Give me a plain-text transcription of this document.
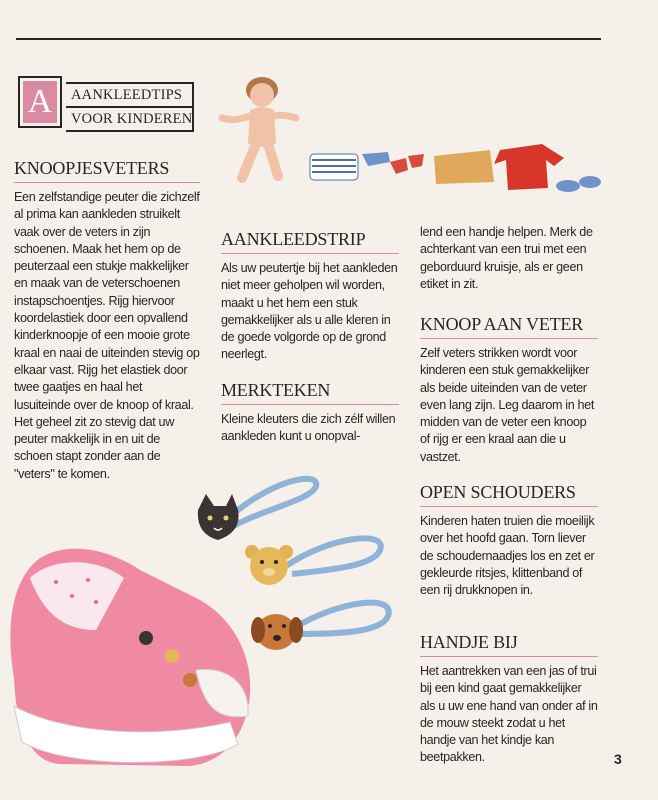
A	AANKLEEDTIPS
VOOR KINDEREN
KNOOPJESVETERS

Een zelfstandige peuter die zichzelf al prima kan aankleden struikelt vaak over de veters in zijn schoenen. Maak het hem op de peuterzaal een stukje makkelijker en maak van de veterschoenen instapschoentjes. Rijg hiervoor koordelastiek door een opvallend kinderknoopje of een mooie grote kraal en naai de uiteinden stevig op elkaar vast. Rijg het elastiek door twee gaatjes en haal het lusuiteinde over de knoop of kraal. Het geheel zit zo stevig dat uw peuter makkelijk in en uit de schoen stapt zonder aan de "veters" te komen.

AANKLEEDSTRIP

Als uw peutertje bij het aankleden niet meer geholpen wil worden, maakt u het hem een stuk gemakkelijker als u alle kleren in de goede volgorde op de grond neerlegt.

MERKTEKEN

Kleine kleuters die zich zélf willen aankleden kunt u onopval-

lend een handje helpen. Merk de achterkant van een trui met een geborduurd kruisje, als er geen etiket in zit.

KNOOP AAN VETER

Zelf veters strikken wordt voor kinderen een stuk gemakkelijker als beide uiteinden van de veter even lang zijn. Leg daarom in het midden van de veter een knoop of rijg er een kraal aan die u vastzet.

OPEN SCHOUDERS

Kinderen haten truien die moeilijk over het hoofd gaan. Torn liever de schoudernaadjes los en zet er gekleurde ritsjes, klittenband of een rij drukknopen in.

HANDJE BIJ

Het aantrekken van een jas of trui bij een kind gaat gemakkelijker als u uw ene hand van onder af in de mouw steekt zodat u het handje van het kindje kan beetpakken.	3
